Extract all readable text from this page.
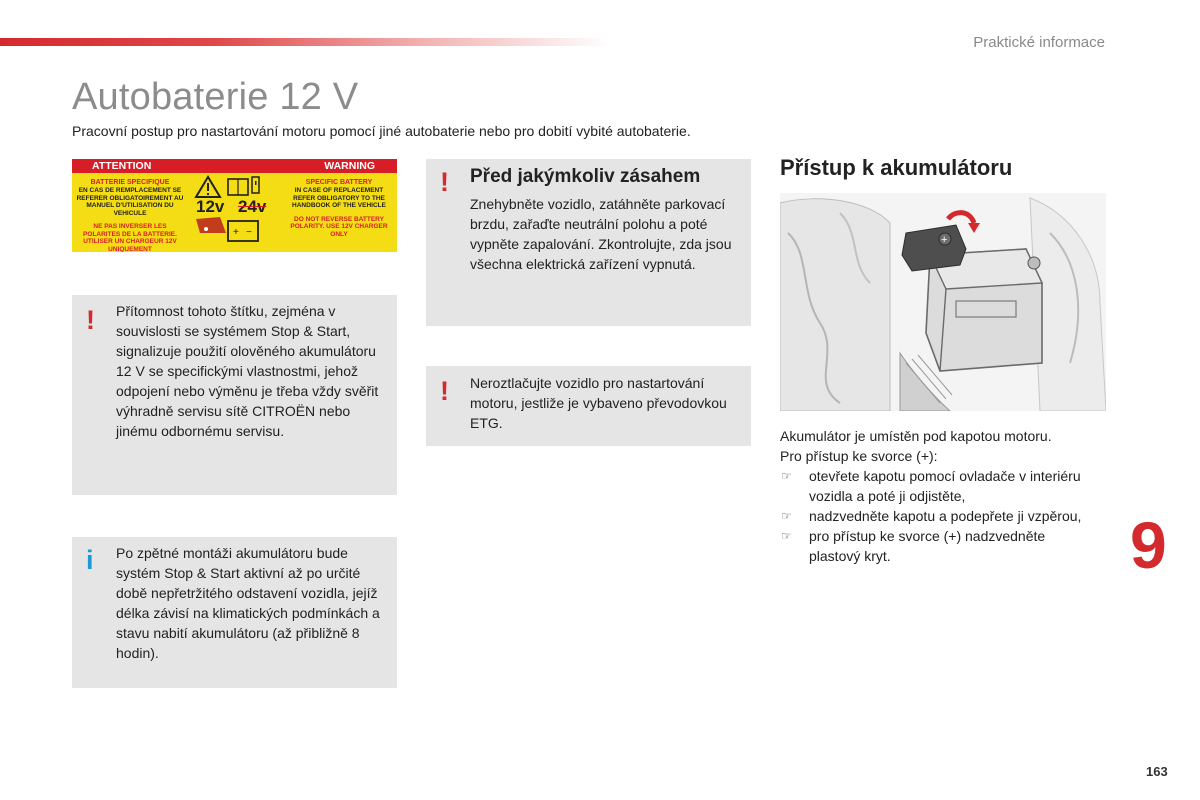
Praktické informace
Autobaterie 12 V
Pracovní postup pro nastartování motoru pomocí jiné autobaterie nebo pro dobití vybité autobaterie.
ATTENTION	WARNING
BATTERIE SPECIFIQUE
EN CAS DE REMPLACEMENT SE REFERER OBLIGATOIREMENT AU MANUEL D'UTILISATION DU VEHICULE
NE PAS INVERSER LES POLARITES DE LA BATTERIE. UTILISER UN CHARGEUR 12V UNIQUEMENT
SPECIFIC BATTERY
IN CASE OF REPLACEMENT REFER OBLIGATORY TO THE HANDBOOK OF THE VEHICLE
DO NOT REVERSE BATTERY POLARITY. USE 12V CHARGER ONLY
+ −
12v 24v
! Přítomnost tohoto štítku, zejména v souvislosti se systémem Stop & Start, signalizuje použití olověného akumulátoru 12 V se specifickými vlastnostmi, jehož odpojení nebo výměnu je třeba vždy svěřit výhradně servisu sítě CITROËN nebo jinému odbornému servisu.
i Po zpětné montáži akumulátoru bude systém Stop & Start aktivní až po určité době nepřetržitého odstavení vozidla, jejíž délka závisí na klimatických podmínkách a stavu nabití akumulátoru (až přibližně 8 hodin).
! Před jakýmkoliv zásahem
Znehybněte vozidlo, zatáhněte parkovací brzdu, zařaďte neutrální polohu a poté vypněte zapalování. Zkontrolujte, zda jsou všechna elektrická zařízení vypnutá.
! Neroztlačujte vozidlo pro nastartování motoru, jestliže je vybaveno převodovkou ETG.
Přístup k akumulátoru
+
Akumulátor je umístěn pod kapotou motoru.
Pro přístup ke svorce (+):
☞ otevřete kapotu pomocí ovladače v interiéru vozidla a poté ji odjistěte,
☞ nadzvedněte kapotu a podepřete ji vzpěrou,
☞ pro přístup ke svorce (+) nadzvedněte plastový kryt.	9
163
